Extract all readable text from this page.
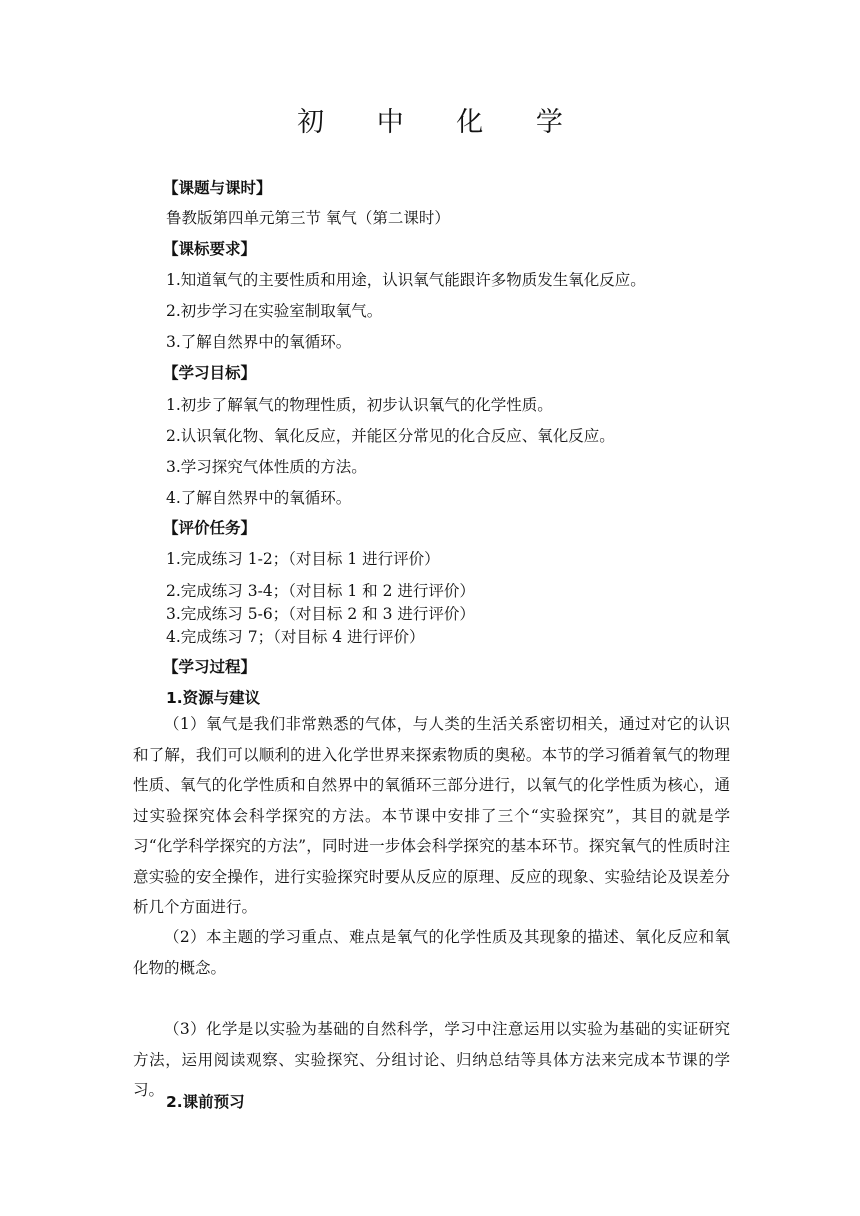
初 中 化 学
【课题与课时】
鲁教版第四单元第三节 氧气（第二课时）
【课标要求】
1.知道氧气的主要性质和用途，认识氧气能跟许多物质发生氧化反应。
2.初步学习在实验室制取氧气。
3.了解自然界中的氧循环。
【学习目标】
1.初步了解氧气的物理性质，初步认识氧气的化学性质。
2.认识氧化物、氧化反应，并能区分常见的化合反应、氧化反应。
3.学习探究气体性质的方法。
4.了解自然界中的氧循环。
【评价任务】
1.完成练习 1-2；（对目标 1 进行评价）
2.完成练习 3-4；（对目标 1 和 2 进行评价）
3.完成练习 5-6；（对目标 2 和 3 进行评价）
4.完成练习 7；（对目标 4 进行评价）
【学习过程】
1.资源与建议

（1）氧气是我们非常熟悉的气体，与人类的生活关系密切相关，通过对它的认识和了解，我们可以顺利的进入化学世界来探索物质的奥秘。本节的学习循着氧气的物理性质、氧气的化学性质和自然界中的氧循环三部分进行，以氧气的化学性质为核心，通过实验探究体会科学探究的方法。本节课中安排了三个“实验探究”，其目的就是学习“化学科学探究的方法”，同时进一步体会科学探究的基本环节。探究氧气的性质时注意实验的安全操作，进行实验探究时要从反应的原理、反应的现象、实验结论及误差分析几个方面进行。

（2）本主题的学习重点、难点是氧气的化学性质及其现象的描述、氧化反应和氧化物的概念。

（3）化学是以实验为基础的自然科学，学习中注意运用以实验为基础的实证研究方法，运用阅读观察、实验探究、分组讨论、归纳总结等具体方法来完成本节课的学习。

2.课前预习
